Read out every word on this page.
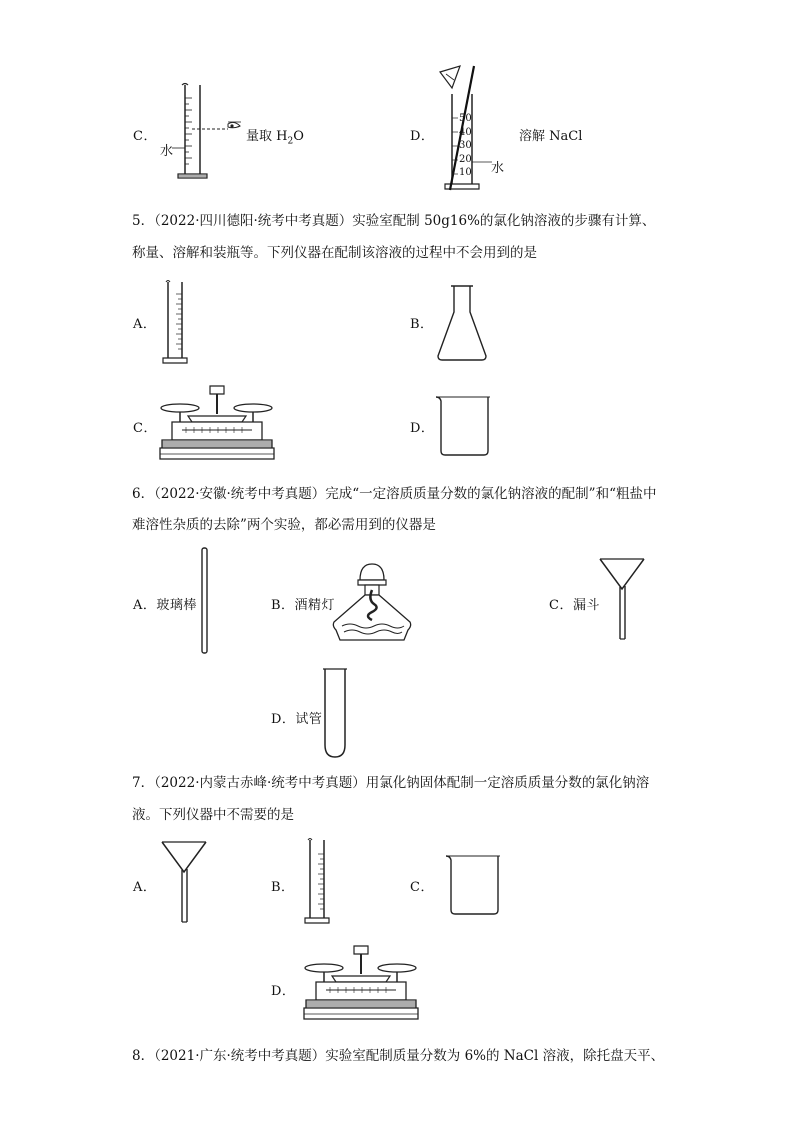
C．
水
量取 $H_2O$	D．
50
40
30
20
10 水
溶解 NaCl
5．（2022·四川德阳·统考中考真题）实验室配制 50g16%的氯化钠溶液的步骤有计算、
称量、溶解和装瓶等。下列仪器在配制该溶液的过程中不会用到的是
A．	B．
C．	D．
6．（2022·安徽·统考中考真题）完成“一定溶质质量分数的氯化钠溶液的配制”和“粗盐中
难溶性杂质的去除”两个实验，都必需用到的仪器是
A．玻璃棒	B．酒精灯	C．漏斗
D．试管
7．（2022·内蒙古赤峰·统考中考真题）用氯化钠固体配制一定溶质质量分数的氯化钠溶
液。下列仪器中不需要的是
A．	B．	C．
D．
8．（2021·广东·统考中考真题）实验室配制质量分数为 6%的 NaCl 溶液，除托盘天平、
